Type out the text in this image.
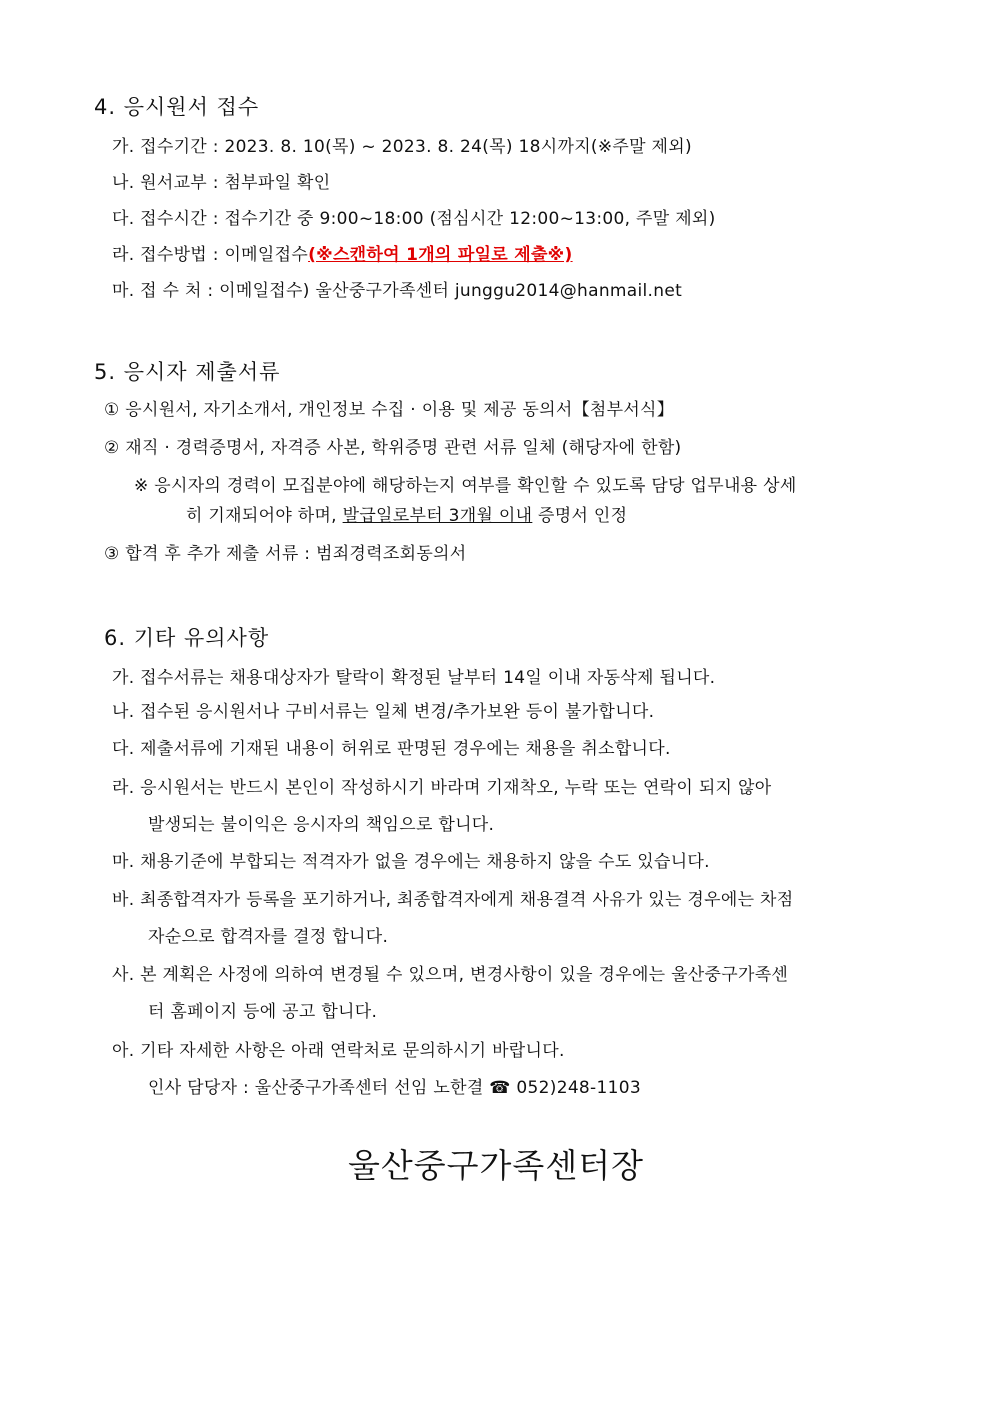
4. 응시원서 접수
가. 접수기간 : 2023. 8. 10(목) ~ 2023. 8. 24(목) 18시까지(※주말 제외)
나. 원서교부 : 첨부파일 확인
다. 접수시간 : 접수기간 중 9:00~18:00 (점심시간 12:00~13:00, 주말 제외)
라. 접수방법 : 이메일접수(※스캔하여 1개의 파일로 제출※)
마. 접 수 처 : 이메일접수) 울산중구가족센터 junggu2014@hanmail.net
5. 응시자 제출서류
① 응시원서, 자기소개서, 개인정보 수집 · 이용 및 제공 동의서【첨부서식】
② 재직 · 경력증명서, 자격증 사본, 학위증명 관련 서류 일체 (해당자에 한함)
※ 응시자의 경력이 모집분야에 해당하는지 여부를 확인할 수 있도록 담당 업무내용 상세
히 기재되어야 하며, 발급일로부터 3개월 이내 증명서 인정
③ 합격 후 추가 제출 서류 : 범죄경력조회동의서
6. 기타 유의사항
가. 접수서류는 채용대상자가 탈락이 확정된 날부터 14일 이내 자동삭제 됩니다.
나. 접수된 응시원서나 구비서류는 일체 변경/추가보완 등이 불가합니다.
다. 제출서류에 기재된 내용이 허위로 판명된 경우에는 채용을 취소합니다.
라. 응시원서는 반드시 본인이 작성하시기 바라며 기재착오, 누락 또는 연락이 되지 않아
발생되는 불이익은 응시자의 책임으로 합니다.
마. 채용기준에 부합되는 적격자가 없을 경우에는 채용하지 않을 수도 있습니다.
바. 최종합격자가 등록을 포기하거나, 최종합격자에게 채용결격 사유가 있는 경우에는 차점
자순으로 합격자를 결정 합니다.
사. 본 계획은 사정에 의하여 변경될 수 있으며, 변경사항이 있을 경우에는 울산중구가족센
터 홈페이지 등에 공고 합니다.
아. 기타 자세한 사항은 아래 연락처로 문의하시기 바랍니다.
인사 담당자 : 울산중구가족센터 선임 노한결 ☎ 052)248-1103
울산중구가족센터장
